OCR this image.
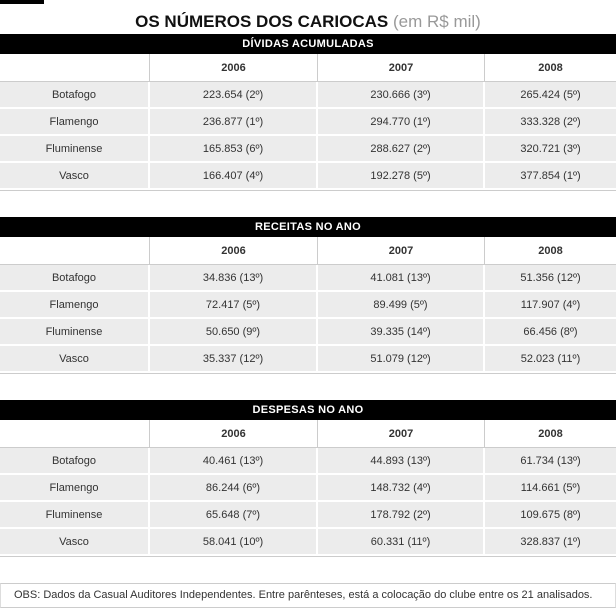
OS NÚMEROS DOS CARIOCAS (em R$ mil)
DÍVIDAS ACUMULADAS
	2006	2007	2008
Botafogo	223.654 (2º)	230.666 (3º)	265.424 (5º)
Flamengo	236.877 (1º)	294.770 (1º)	333.328 (2º)
Fluminense	165.853 (6º)	288.627 (2º)	320.721 (3º)
Vasco	166.407 (4º)	192.278 (5º)	377.854 (1º)
RECEITAS NO ANO
	2006	2007	2008
Botafogo	34.836 (13º)	41.081 (13º)	51.356 (12º)
Flamengo	72.417 (5º)	89.499 (5º)	117.907 (4º)
Fluminense	50.650 (9º)	39.335 (14º)	66.456 (8º)
Vasco	35.337 (12º)	51.079 (12º)	52.023 (11º)
DESPESAS NO ANO
	2006	2007	2008
Botafogo	40.461 (13º)	44.893 (13º)	61.734 (13º)
Flamengo	86.244 (6º)	148.732 (4º)	114.661 (5º)
Fluminense	65.648 (7º)	178.792 (2º)	109.675 (8º)
Vasco	58.041 (10º)	60.331 (11º)	328.837 (1º)
OBS: Dados da Casual Auditores Independentes. Entre parênteses, está a colocação do clube entre os 21 analisados.
